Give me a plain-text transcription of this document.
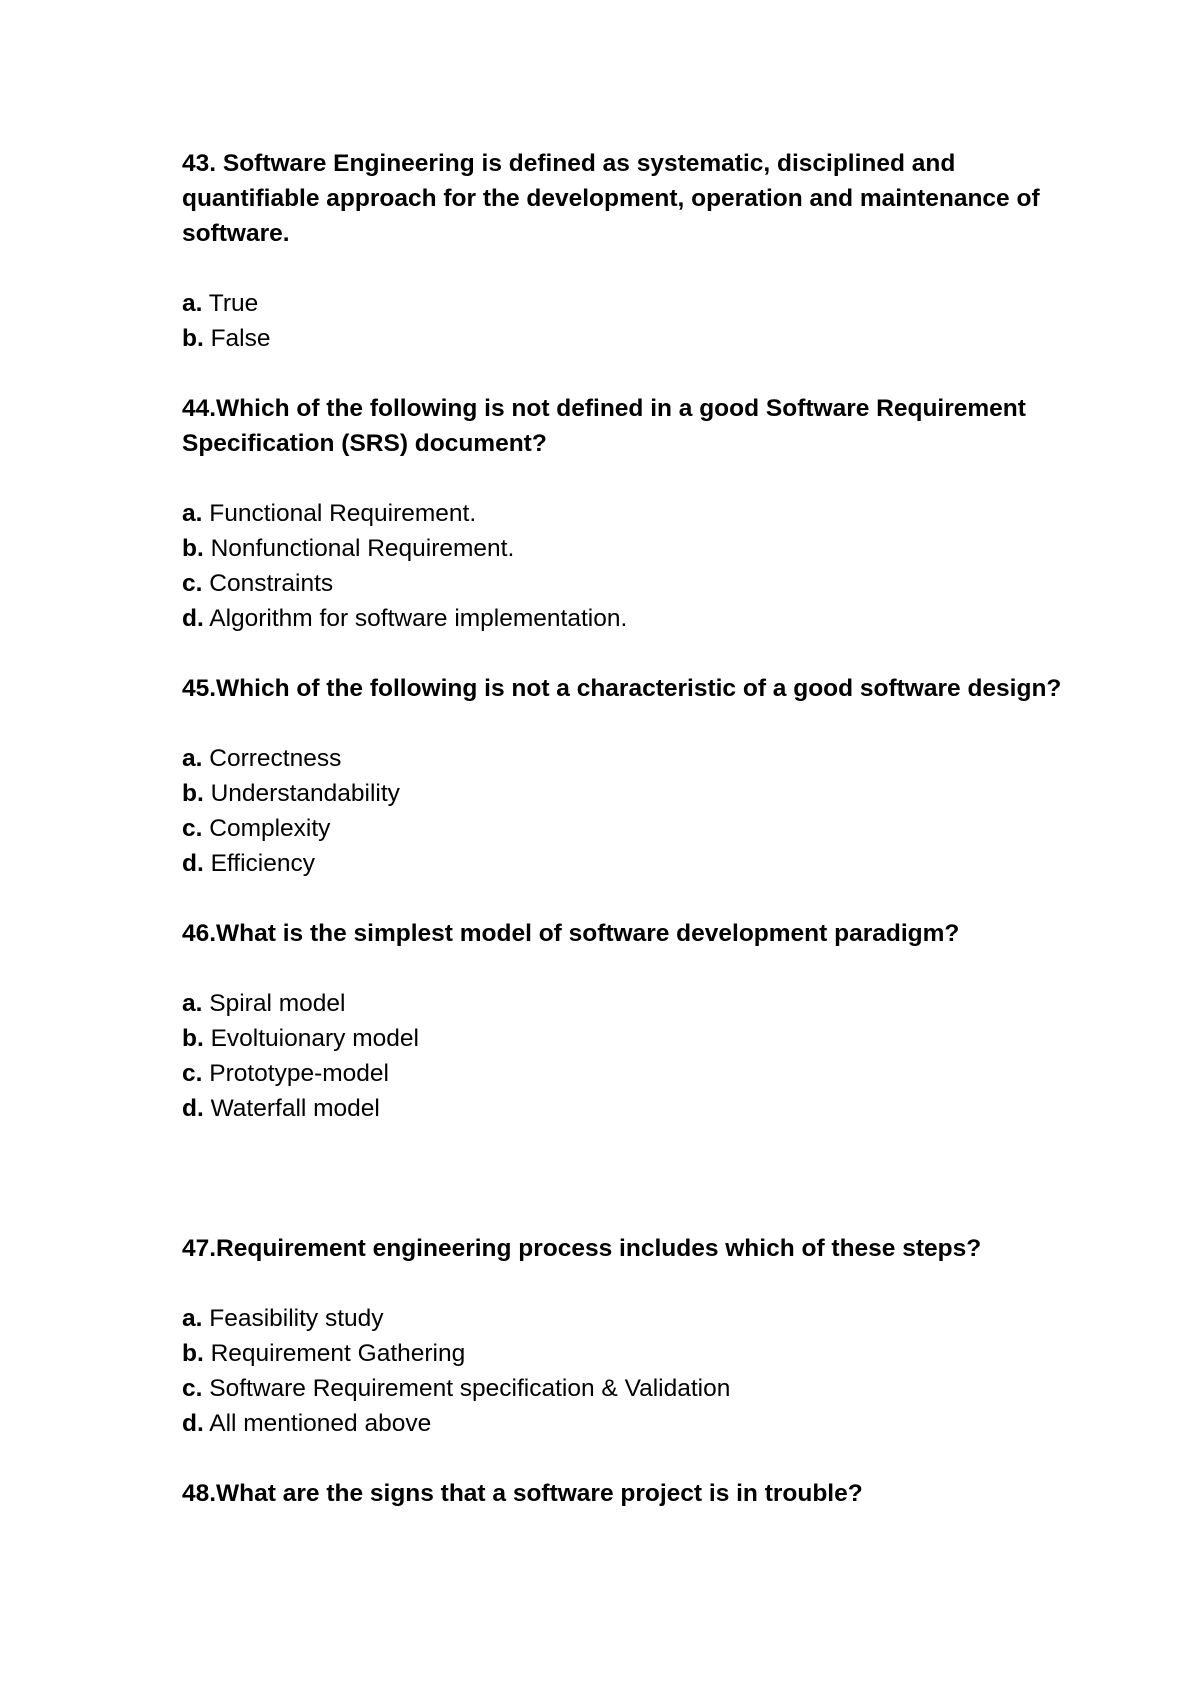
43. Software Engineering is defined as systematic, disciplined and quantifiable approach for the development, operation and maintenance of software.

a. True
b. False

44.Which of the following is not defined in a good Software Requirement Specification (SRS) document?

a. Functional Requirement.
b. Nonfunctional Requirement.
c. Constraints
d. Algorithm for software implementation.

45.Which of the following is not a characteristic of a good software design?

a. Correctness
b. Understandability
c. Complexity
d. Efficiency

46.What is the simplest model of software development paradigm?

a. Spiral model
b. Evoltuionary model
c. Prototype-model
d. Waterfall model

47.Requirement engineering process includes which of these steps?

a. Feasibility study
b. Requirement Gathering
c. Software Requirement specification & Validation
d. All mentioned above

48.What are the signs that a software project is in trouble?
